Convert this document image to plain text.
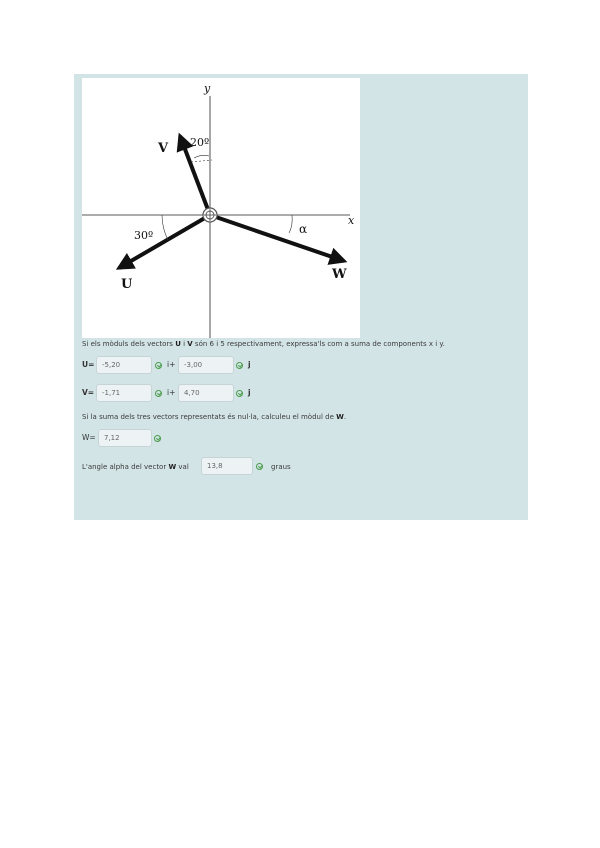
y
x
V
U
W
20º
30º	α
Si els mòduls dels vectors U i V són 6 i 5 respectivament, expressa'ls com a suma de components x i y.
U=
-5,20	i+
-3,00	j
V=
-1,71	i+
4,70	j
Si la suma dels tres vectors representats és nul·la, calculeu el mòdul de W.
W=
7,12
L'angle alpha del vector W val
13,8	graus
